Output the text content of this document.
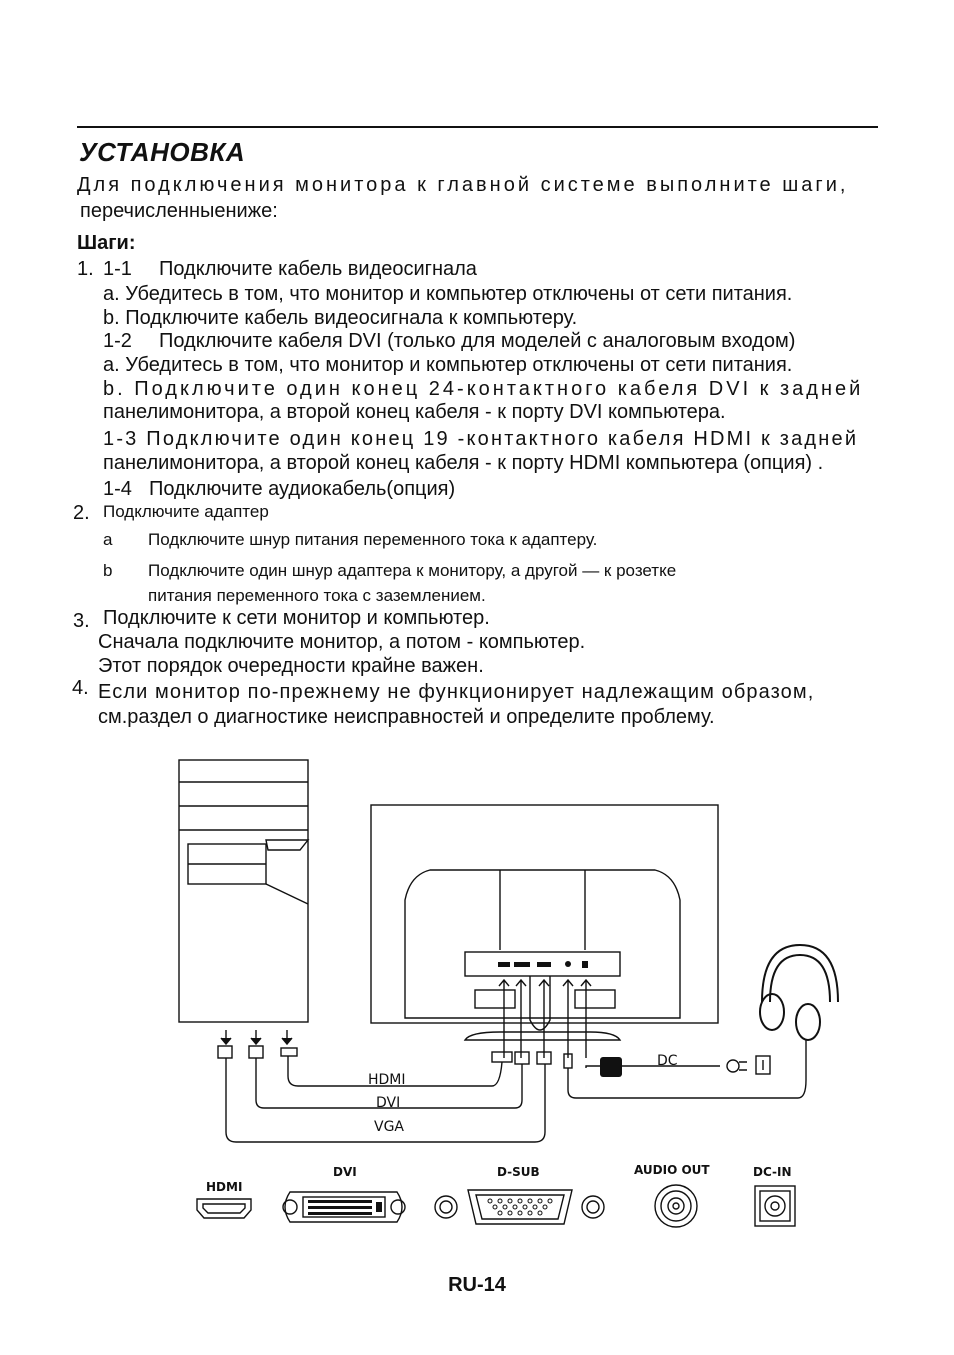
УСТАНОВКА
Для подключения монитора к главной системе выполните шаги,
перечисленныениже:
Шаги:
1. 1-1 Подключите кабель видеосигнала
a. Убедитесь в том, что монитор и компьютер отключены от сети питания.
b. Подключите кабель видеосигнала к компьютеру.
1-2 Подключите кабеля DVI (только для моделей с аналоговым входом)
a. Убедитесь в том, что монитор и компьютер отключены от сети питания.
b. Подключите один конец 24-контактного кабеля DVI к задней
панелимонитора, а второй конец кабеля - к порту DVI компьютера.
1-3 Подключите один конец 19 -контактного кабеля HDMI к задней
панелимонитора, а второй конец кабеля - к порту HDMI компьютера (опция) .
1-4 Подключите аудиокабель(опция)
2. Подключите адаптер
a Подключите шнур питания переменного тока к адаптеру.
b Подключите один шнур адаптера к монитору, а другой — к розетке
питания переменного тока с заземлением.
3. Подключите к сети монитор и компьютер.
Сначала подключите монитор, а потом - компьютер.
Этот порядок очередности крайне важен.
4. Если монитор по-прежнему не функционирует надлежащим образом,
см.раздел о диагностике неисправностей и определите проблему.
HDMI
DVI
VGA
DC
HDMI
DVI	D-SUB	AUDIO OUT	DC-IN
RU-14
